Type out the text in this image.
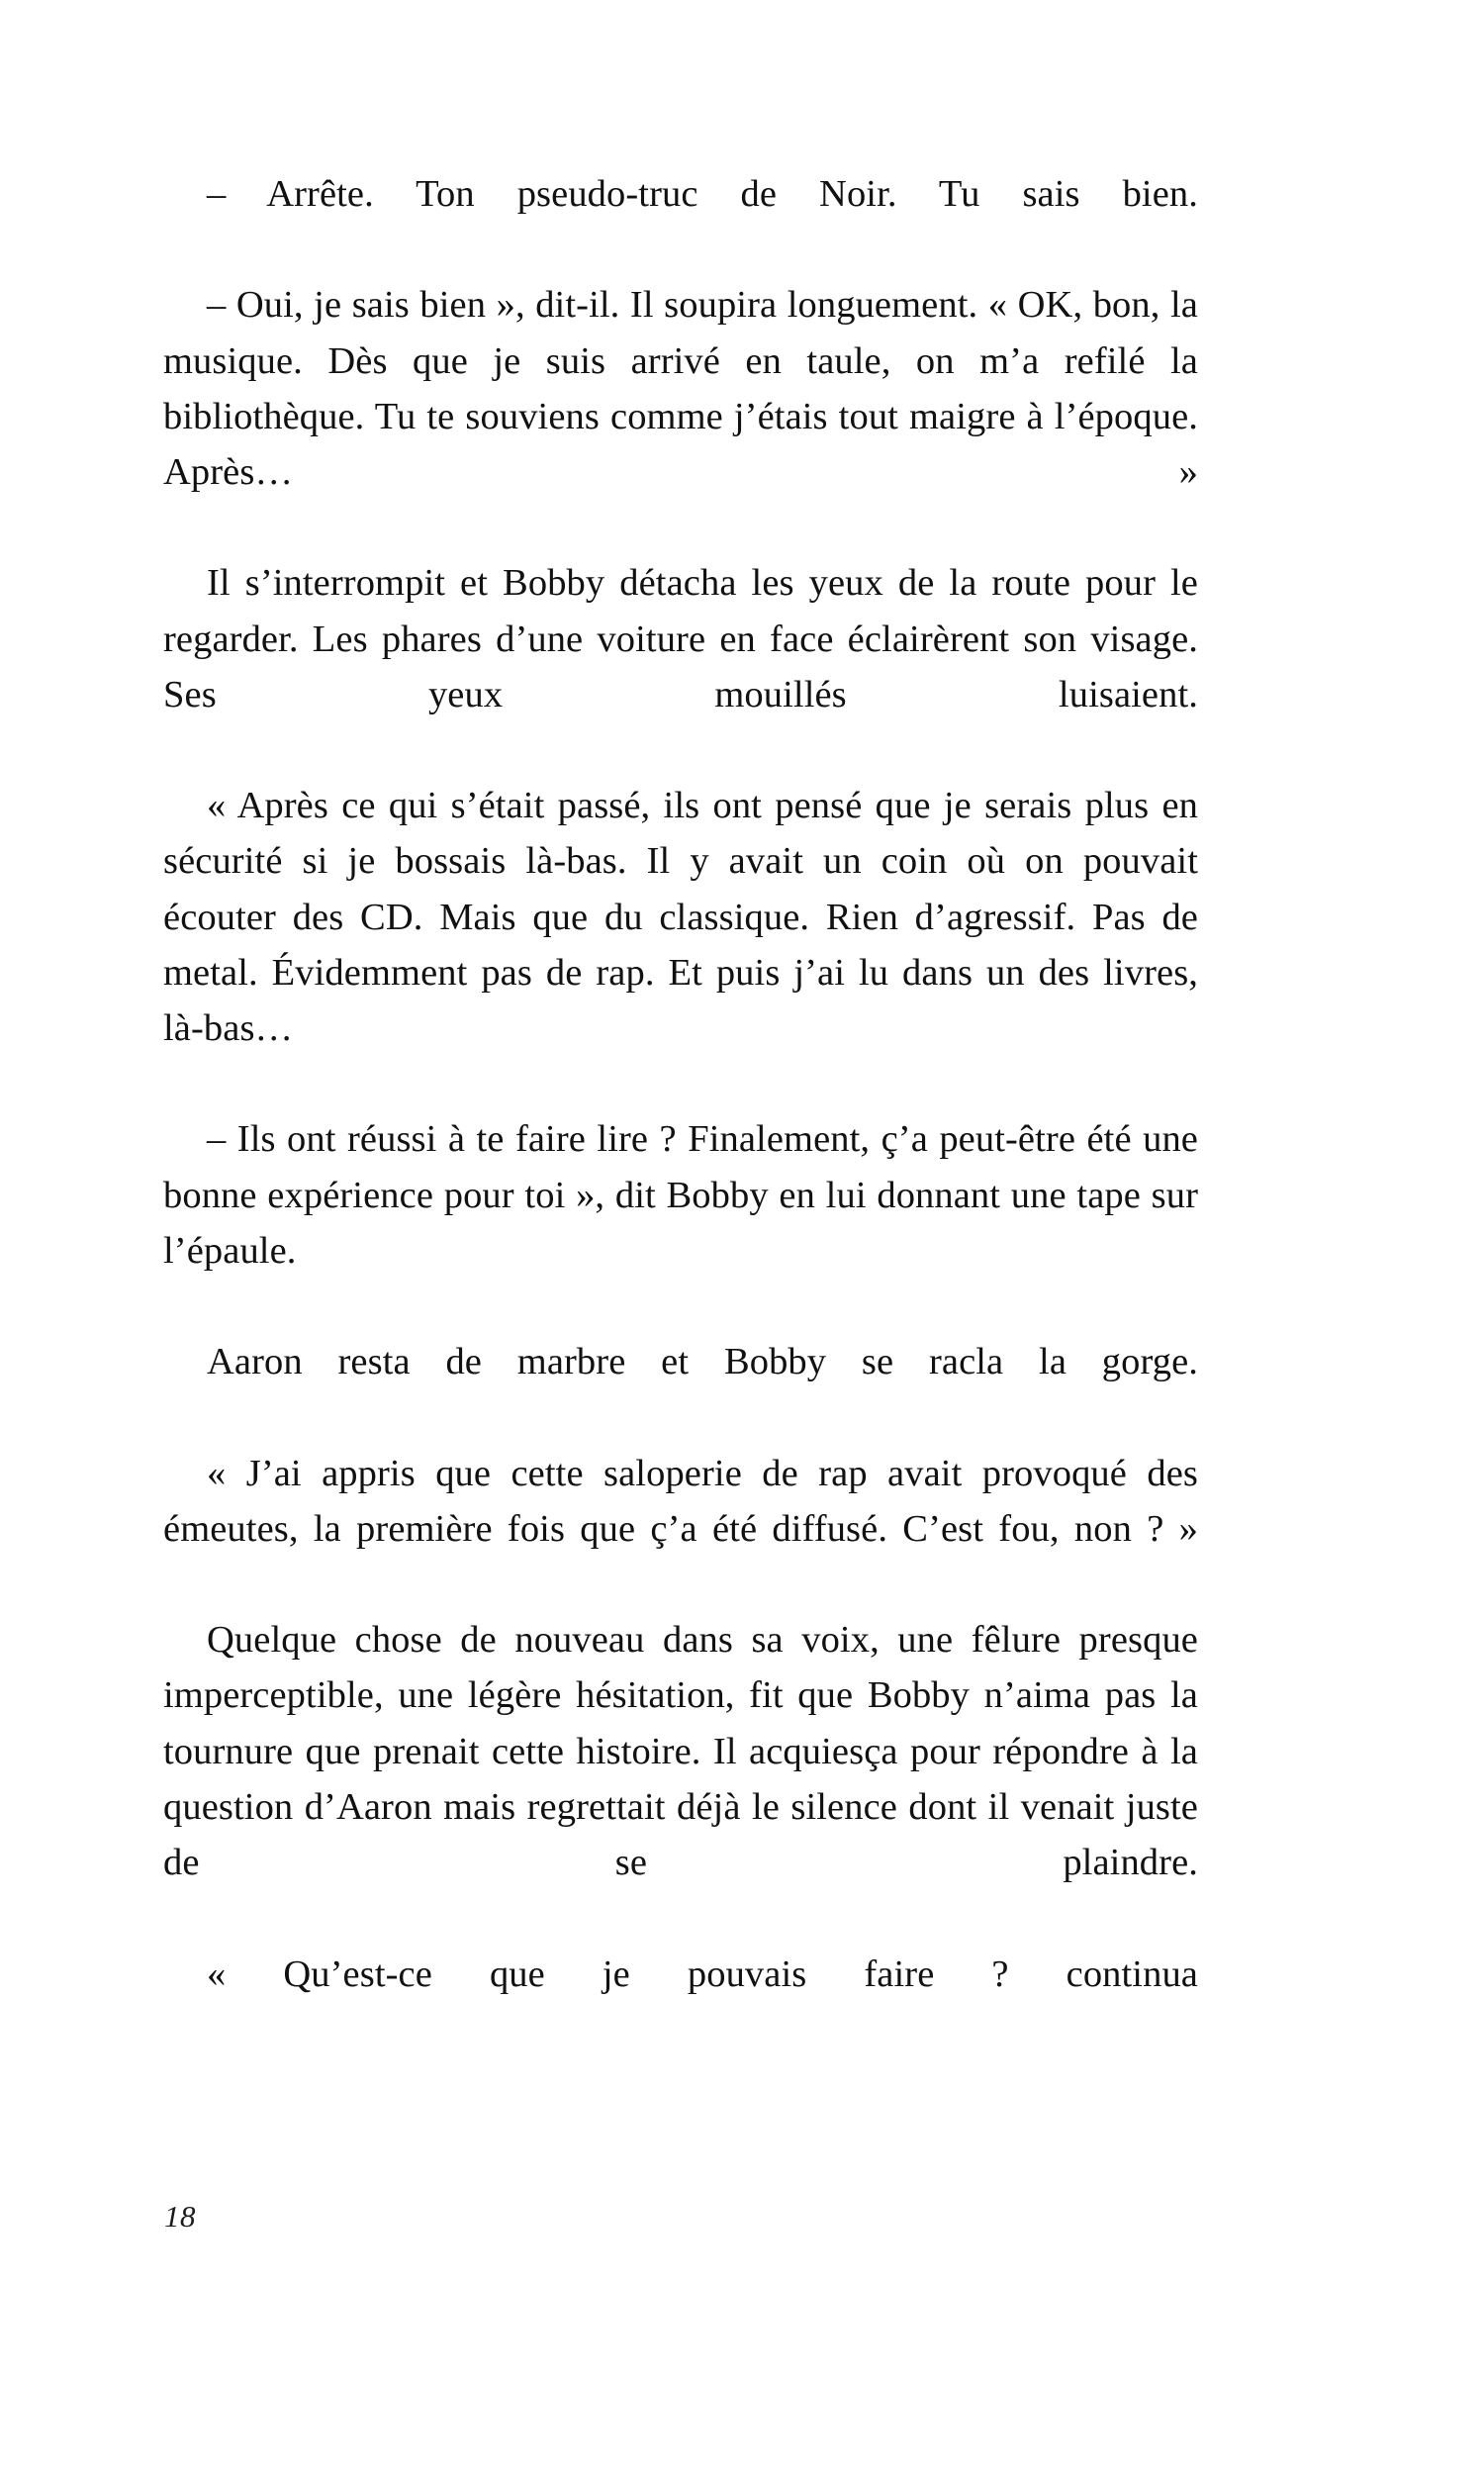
– Arrête. Ton pseudo-truc de Noir. Tu sais bien.

– Oui, je sais bien », dit-il. Il soupira longuement. « OK, bon, la musique. Dès que je suis arrivé en taule, on m’a refilé la bibliothèque. Tu te souviens comme j’étais tout maigre à l’époque. Après… »

Il s’interrompit et Bobby détacha les yeux de la route pour le regarder. Les phares d’une voiture en face éclairèrent son visage. Ses yeux mouillés luisaient.

« Après ce qui s’était passé, ils ont pensé que je serais plus en sécurité si je bossais là-bas. Il y avait un coin où on pouvait écouter des CD. Mais que du classique. Rien d’agressif. Pas de metal. Évidemment pas de rap. Et puis j’ai lu dans un des livres, là-bas…

– Ils ont réussi à te faire lire ? Finalement, ç’a peut-être été une bonne expérience pour toi », dit Bobby en lui donnant une tape sur l’épaule.

Aaron resta de marbre et Bobby se racla la gorge.

« J’ai appris que cette saloperie de rap avait provoqué des émeutes, la première fois que ç’a été diffusé. C’est fou, non ? »

Quelque chose de nouveau dans sa voix, une fêlure presque imperceptible, une légère hésitation, fit que Bobby n’aima pas la tournure que prenait cette histoire. Il acquiesça pour répondre à la question d’Aaron mais regrettait déjà le silence dont il venait juste de se plaindre.

« Qu’est-ce que je pouvais faire ? continua

18
